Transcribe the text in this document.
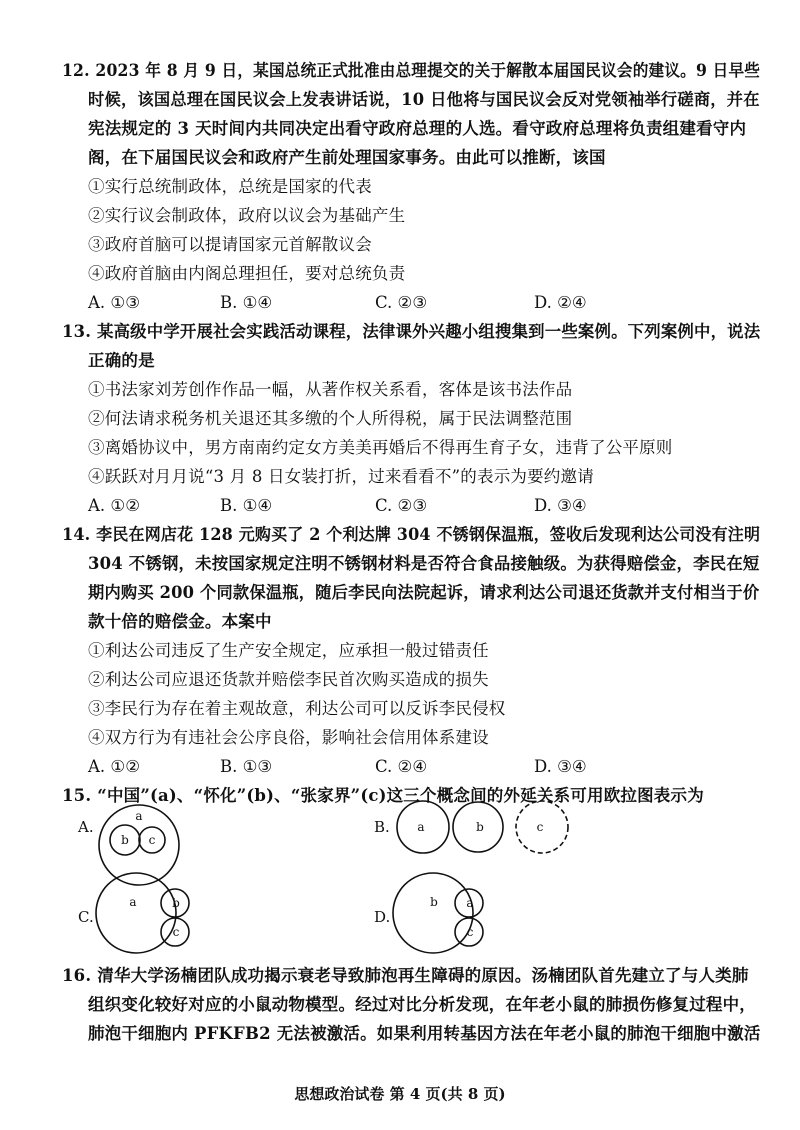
12. 2023 年 8 月 9 日，某国总统正式批准由总理提交的关于解散本届国民议会的建议。9 日早些
时候，该国总理在国民议会上发表讲话说，10 日他将与国民议会反对党领袖举行磋商，并在
宪法规定的 3 天时间内共同决定出看守政府总理的人选。看守政府总理将负责组建看守内
阁，在下届国民议会和政府产生前处理国家事务。由此可以推断，该国
①实行总统制政体，总统是国家的代表
②实行议会制政体，政府以议会为基础产生
③政府首脑可以提请国家元首解散议会
④政府首脑由内阁总理担任，要对总统负责
A. ①③	B. ①④	C. ②③	D. ②④
13. 某高级中学开展社会实践活动课程，法律课外兴趣小组搜集到一些案例。下列案例中，说法
正确的是
①书法家刘芳创作作品一幅，从著作权关系看，客体是该书法作品
②何法请求税务机关退还其多缴的个人所得税，属于民法调整范围
③离婚协议中，男方南南约定女方美美再婚后不得再生育子女，违背了公平原则
④跃跃对月月说“3 月 8 日女装打折，过来看看不”的表示为要约邀请
A. ①②	B. ①④	C. ②③	D. ③④
14. 李民在网店花 128 元购买了 2 个利达牌 304 不锈钢保温瓶，签收后发现利达公司没有注明
304 不锈钢，未按国家规定注明不锈钢材料是否符合食品接触级。为获得赔偿金，李民在短
期内购买 200 个同款保温瓶，随后李民向法院起诉，请求利达公司退还货款并支付相当于价
款十倍的赔偿金。本案中
①利达公司违反了生产安全规定，应承担一般过错责任
②利达公司应退还货款并赔偿李民首次购买造成的损失
③李民行为存在着主观故意，利达公司可以反诉李民侵权
④双方行为有违社会公序良俗，影响社会信用体系建设
A. ①②	B. ①③	C. ②④	D. ③④
15. “中国”(a)、“怀化”(b)、“张家界”(c)这三个概念间的外延关系可用欧拉图表示为
A.	B.
C.	D.
a
b c
a	b	c
a	b
c
b a
c
16. 清华大学汤楠团队成功揭示衰老导致肺泡再生障碍的原因。汤楠团队首先建立了与人类肺
组织变化较好对应的小鼠动物模型。经过对比分析发现，在年老小鼠的肺损伤修复过程中，
肺泡干细胞内 PFKFB2 无法被激活。如果利用转基因方法在年老小鼠的肺泡干细胞中激活
思想政治试卷 第 4 页(共 8 页)
